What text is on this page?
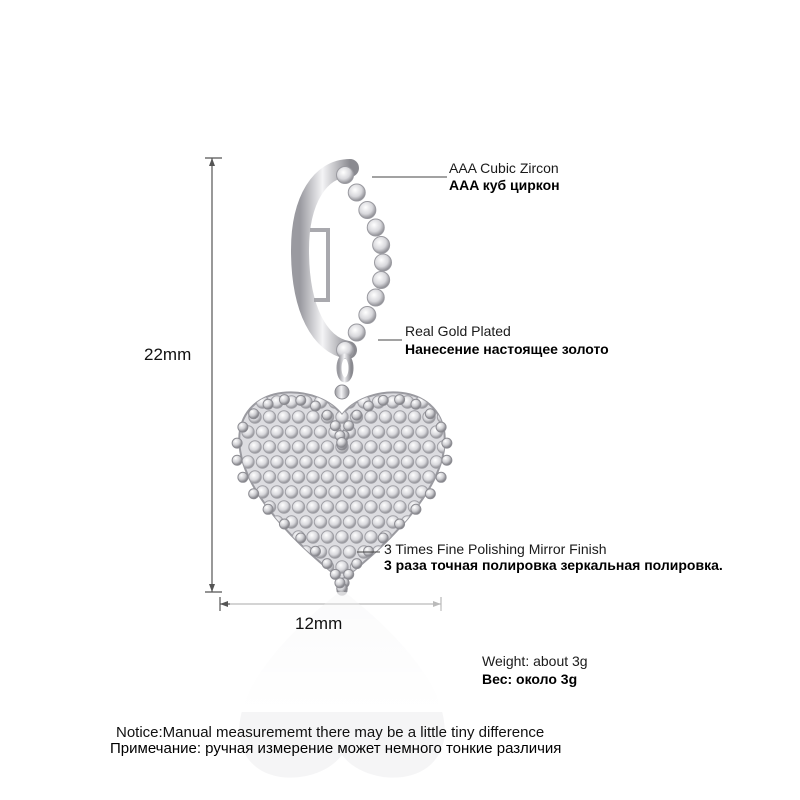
22mm
12mm
AAA Cubic Zircon
AAA куб циркон
Real Gold Plated
Нанесение настоящее золото
3 Times Fine Polishing Mirror Finish
3 раза точная полировка зеркальная полировка.
Weight: about 3g
Вес: около 3g
Notice:Manual measurememt there may be a little tiny difference
Примечание: ручная измерение может немного тонкие различия
